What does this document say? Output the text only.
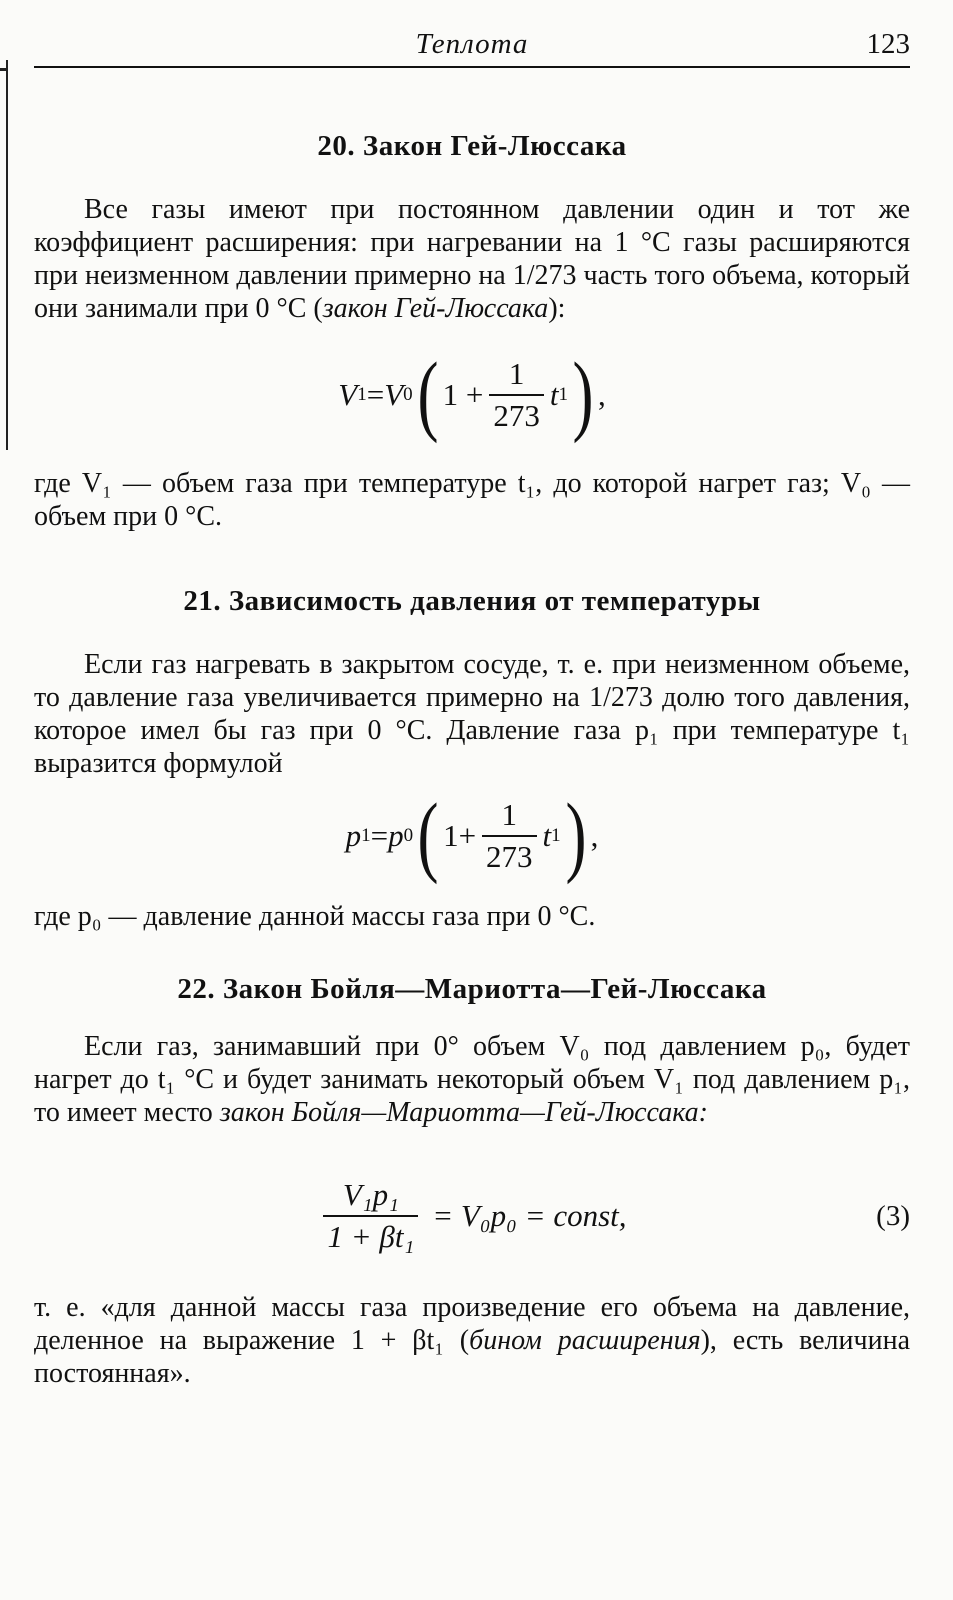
Теплота	123
20. Закон Гей-Люссака

Все газы имеют при постоянном давлении один и тот же коэффициент расширения: при нагревании на 1 °С газы расширяются при неизменном давлении примерно на 1/273 часть того объема, который они занимали при 0 °С (закон Гей-Люссака):

V 1 = V 0 ( $1 + \frac{1}{273}$ t 1 ) ,

где V₁ — объем газа при температуре t₁, до которой нагрет газ; V₀ — объем при 0 °С.

21. Зависимость давления от температуры

Если газ нагревать в закрытом сосуде, т. е. при неизменном объеме, то давление газа увеличивается примерно на 1/273 долю того давления, которое имел бы газ при 0 °С. Давление газа p₁ при температуре t₁ выразится формулой

p 1 = p 0 ( $1+ \frac{1}{273}$ t 1 ) ,

где p₀ — давление данной массы газа при 0 °С.

22. Закон Бойля—Мариотта—Гей-Люссака

Если газ, занимавший при 0° объем V₀ под давлением p₀, будет нагрет до t₁ °С и будет занимать некоторый объем V₁ под давлением p₁, то имеет место закон Бойля—Мариотта—Гей-Люссака:

$\frac{\text{V₁p₁}}{\text{1 + βt₁}} = V_0p_0$ = const,	(3)

т. е. «для данной массы газа произведение его объема на давление, деленное на выражение 1 + βt₁ (бином расширения), есть величина постоянная».
